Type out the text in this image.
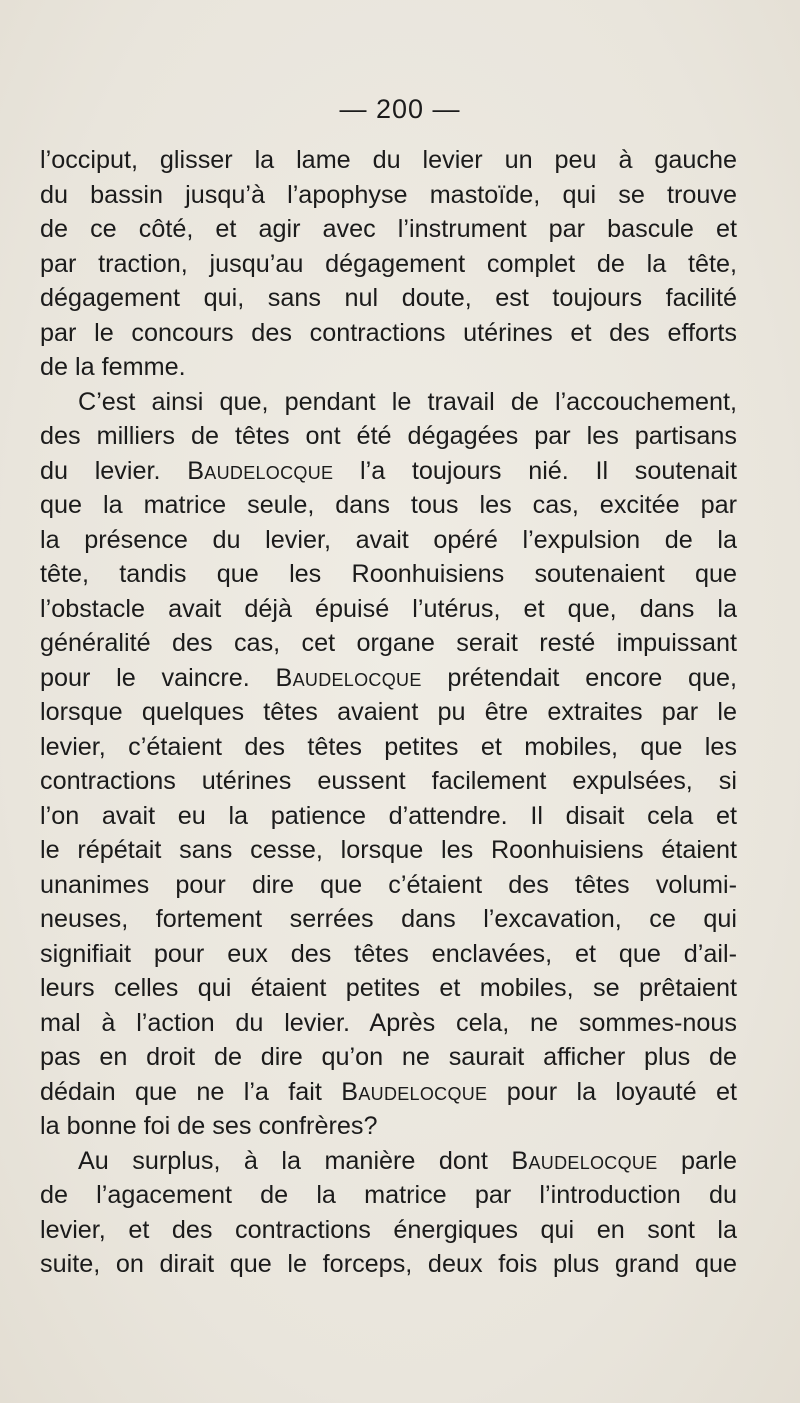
— 200 —
l’occiput, glisser la lame du levier un peu à gauche
du bassin jusqu’à l’apophyse mastoïde, qui se trouve
de ce côté, et agir avec l’instrument par bascule et
par traction, jusqu’au dégagement complet de la tête,
dégagement qui, sans nul doute, est toujours facilité
par le concours des contractions utérines et des efforts
de la femme.
C’est ainsi que, pendant le travail de l’accouchement,
des milliers de têtes ont été dégagées par les partisans
du levier. Baudelocque l’a toujours nié. Il soutenait
que la matrice seule, dans tous les cas, excitée par
la présence du levier, avait opéré l’expulsion de la
tête, tandis que les Roonhuisiens soutenaient que
l’obstacle avait déjà épuisé l’utérus, et que, dans la
généralité des cas, cet organe serait resté impuissant
pour le vaincre. Baudelocque prétendait encore que,
lorsque quelques têtes avaient pu être extraites par le
levier, c’étaient des têtes petites et mobiles, que les
contractions utérines eussent facilement expulsées, si
l’on avait eu la patience d’attendre. Il disait cela et
le répétait sans cesse, lorsque les Roonhuisiens étaient
unanimes pour dire que c’étaient des têtes volumi-
neuses, fortement serrées dans l’excavation, ce qui
signifiait pour eux des têtes enclavées, et que d’ail-
leurs celles qui étaient petites et mobiles, se prêtaient
mal à l’action du levier. Après cela, ne sommes-nous
pas en droit de dire qu’on ne saurait afficher plus de
dédain que ne l’a fait Baudelocque pour la loyauté et
la bonne foi de ses confrères?
Au surplus, à la manière dont Baudelocque parle
de l’agacement de la matrice par l’introduction du
levier, et des contractions énergiques qui en sont la
suite, on dirait que le forceps, deux fois plus grand que
